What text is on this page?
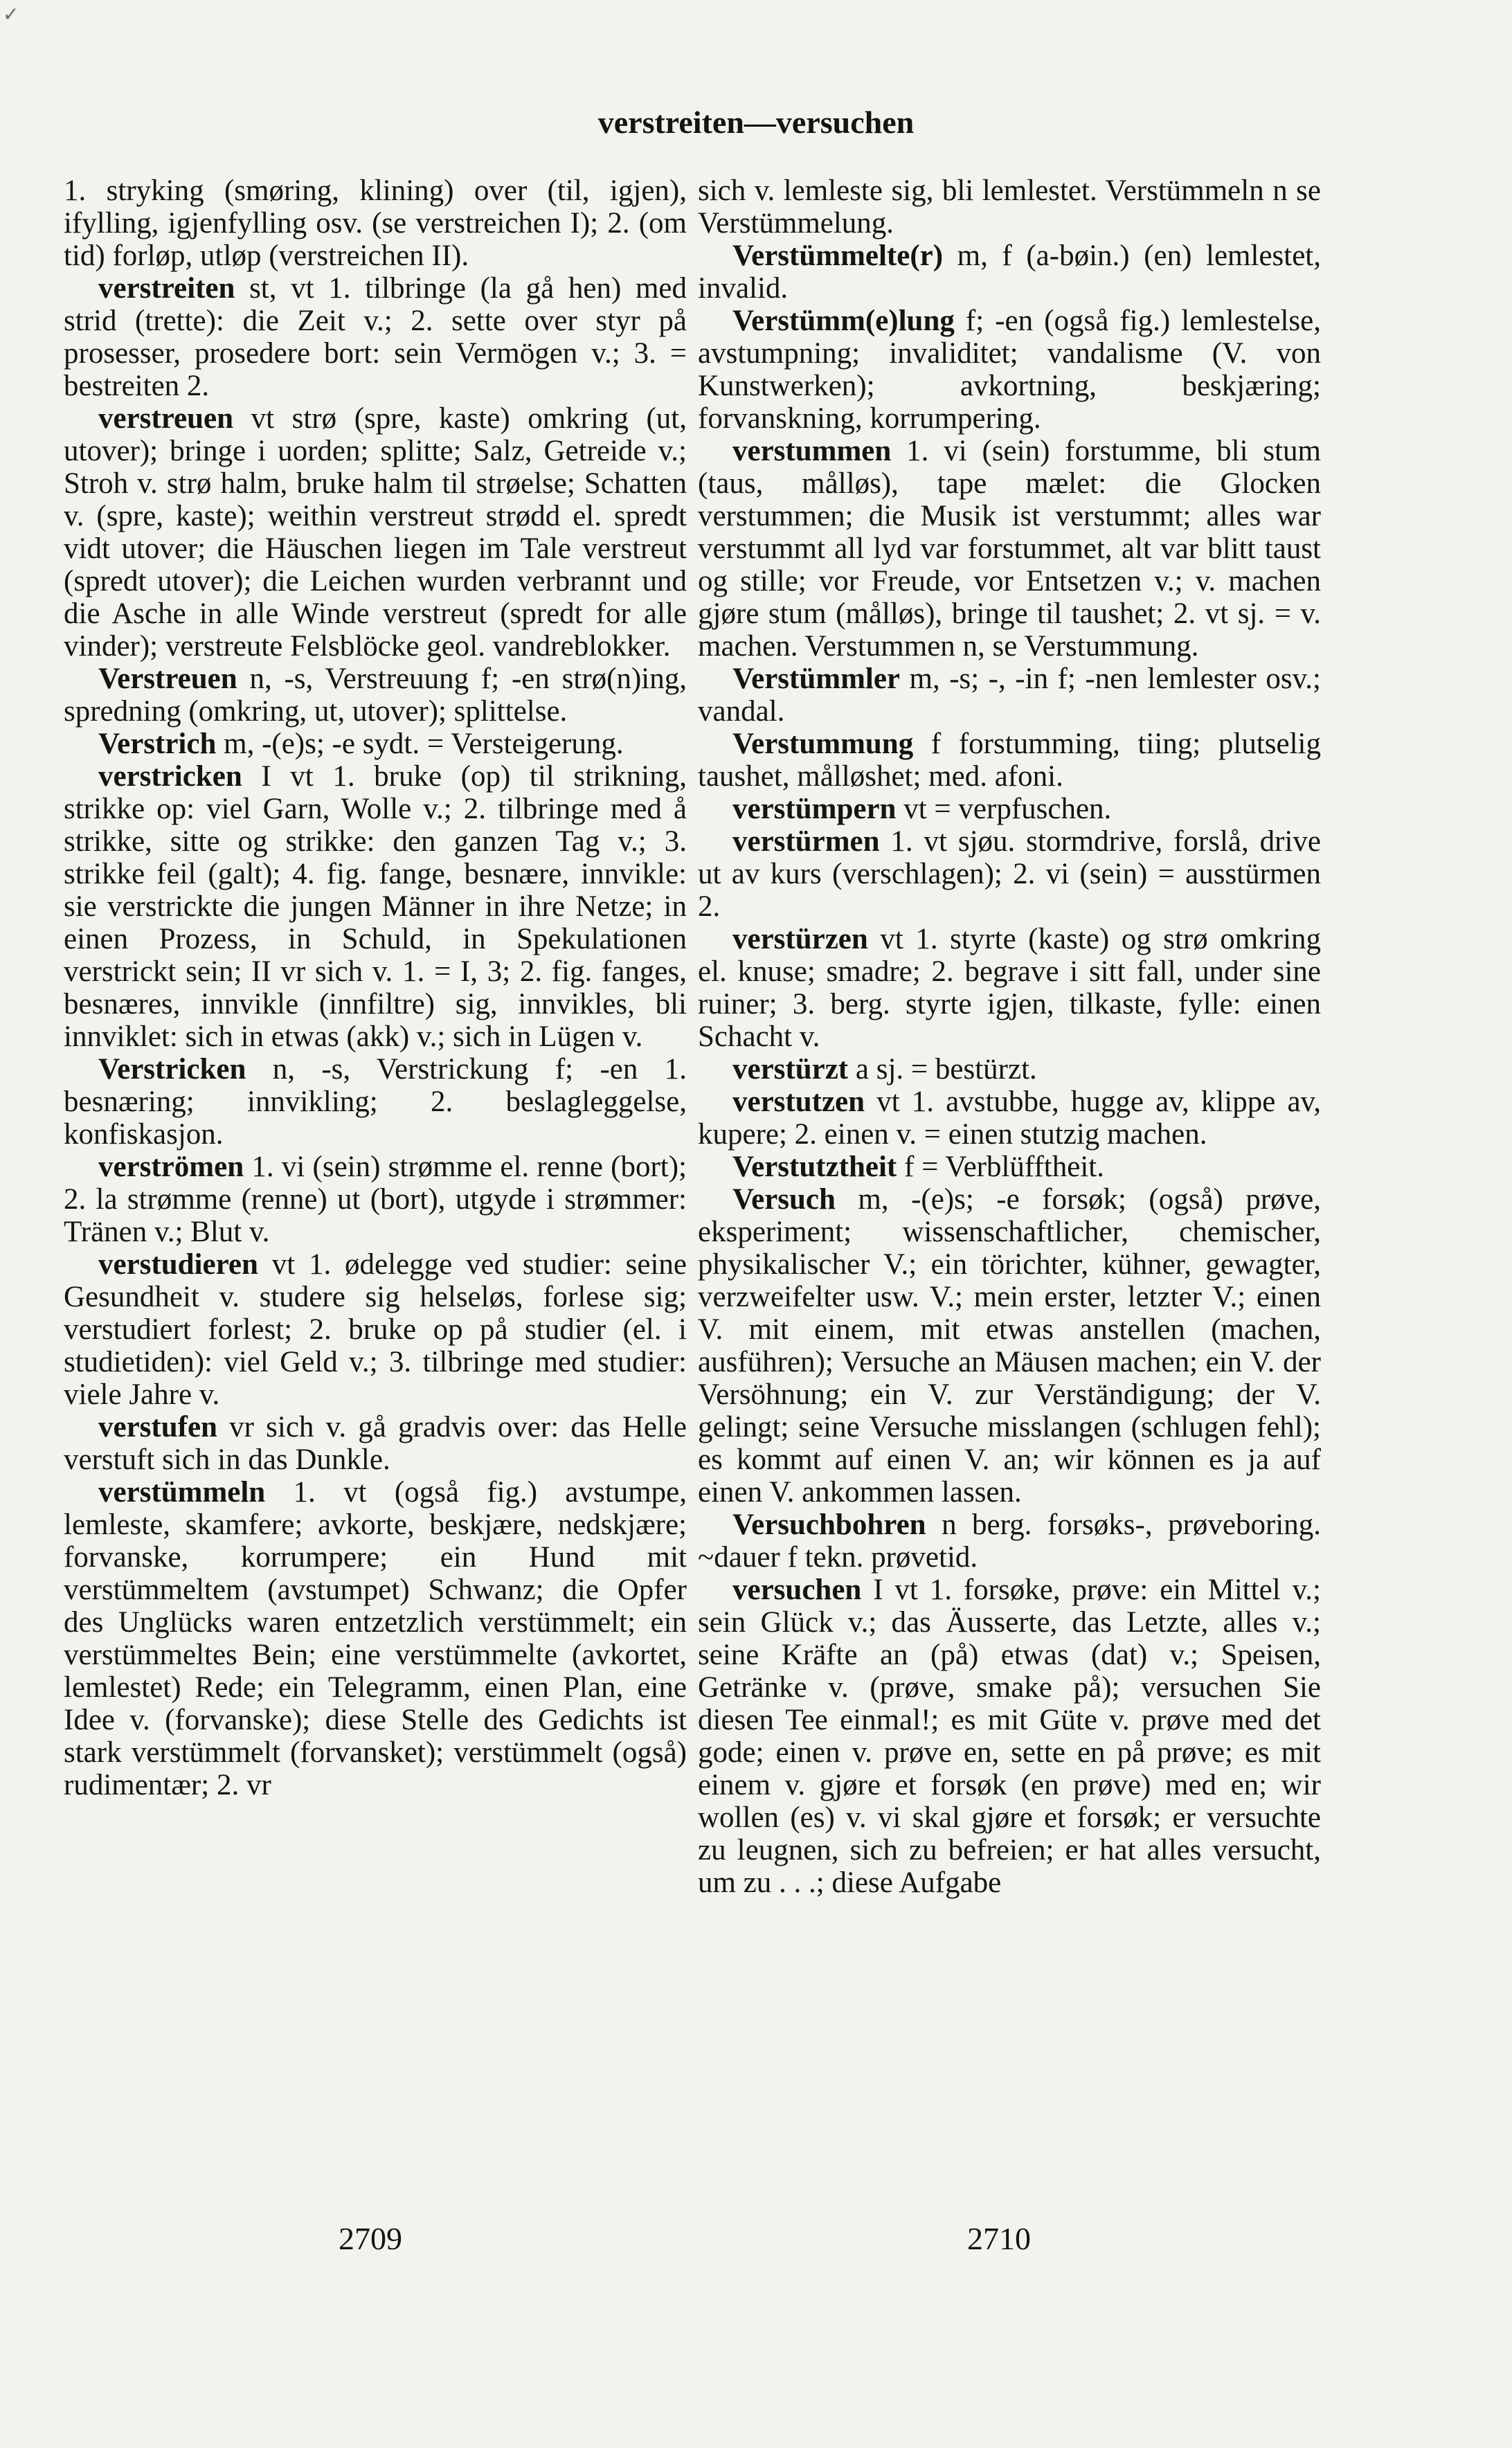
✓
verstreiten—versuchen

1. stryking (smøring, klining) over (til, igjen), ifylling, igjenfylling osv. (se verstreichen I); 2. (om tid) forløp, utløp (verstreichen II).

verstreiten st, vt 1. tilbringe (la gå hen) med strid (trette): die Zeit v.; 2. sette over styr på prosesser, prosedere bort: sein Vermögen v.; 3. = bestreiten 2.

verstreuen vt strø (spre, kaste) omkring (ut, utover); bringe i uorden; splitte; Salz, Getreide v.; Stroh v. strø halm, bruke halm til strøelse; Schatten v. (spre, kaste); weithin verstreut strødd el. spredt vidt utover; die Häuschen liegen im Tale verstreut (spredt utover); die Leichen wurden verbrannt und die Asche in alle Winde verstreut (spredt for alle vinder); verstreute Felsblöcke geol. vandreblokker.

Verstreuen n, -s, Verstreuung f; -en strø(n)ing, spredning (omkring, ut, utover); splittelse.

Verstrich m, -(e)s; -e sydt. = Versteigerung.

verstricken I vt 1. bruke (op) til strikning, strikke op: viel Garn, Wolle v.; 2. tilbringe med å strikke, sitte og strikke: den ganzen Tag v.; 3. strikke feil (galt); 4. fig. fange, besnære, innvikle: sie verstrickte die jungen Männer in ihre Netze; in einen Prozess, in Schuld, in Spekulationen verstrickt sein; II vr sich v. 1. = I, 3; 2. fig. fanges, besnæres, innvikle (innfiltre) sig, innvikles, bli innviklet: sich in etwas (akk) v.; sich in Lügen v.

Verstricken n, -s, Verstrickung f; -en 1. besnæring; innvikling; 2. beslagleggelse, konfiskasjon.

verströmen 1. vi (sein) strømme el. renne (bort); 2. la strømme (renne) ut (bort), utgyde i strømmer: Tränen v.; Blut v.

verstudieren vt 1. ødelegge ved studier: seine Gesundheit v. studere sig helseløs, forlese sig; verstudiert forlest; 2. bruke op på studier (el. i studietiden): viel Geld v.; 3. tilbringe med studier: viele Jahre v.

verstufen vr sich v. gå gradvis over: das Helle verstuft sich in das Dunkle.

verstümmeln 1. vt (også fig.) avstumpe, lemleste, skamfere; avkorte, beskjære, nedskjære; forvanske, korrumpere; ein Hund mit verstümmeltem (avstumpet) Schwanz; die Opfer des Unglücks waren entzetzlich verstümmelt; ein verstümmeltes Bein; eine verstümmelte (avkortet, lemlestet) Rede; ein Telegramm, einen Plan, eine Idee v. (forvanske); diese Stelle des Gedichts ist stark verstümmelt (forvansket); verstümmelt (også) rudimentær; 2. vr

sich v. lemleste sig, bli lemlestet. Verstümmeln n se Verstümmelung.

Verstümmelte(r) m, f (a-bøin.) (en) lemlestet, invalid.

Verstümm(e)lung f; -en (også fig.) lemlestelse, avstumpning; invaliditet; vandalisme (V. von Kunstwerken); avkortning, beskjæring; forvanskning, korrumpering.

verstummen 1. vi (sein) forstumme, bli stum (taus, målløs), tape mælet: die Glocken verstummen; die Musik ist verstummt; alles war verstummt all lyd var forstummet, alt var blitt taust og stille; vor Freude, vor Entsetzen v.; v. machen gjøre stum (målløs), bringe til taushet; 2. vt sj. = v. machen. Verstummen n, se Verstummung.

Verstümmler m, -s; -, -in f; -nen lemlester osv.; vandal.

Verstummung f forstumming, tiing; plutselig taushet, målløshet; med. afoni.

verstümpern vt = verpfuschen.

verstürmen 1. vt sjøu. stormdrive, forslå, drive ut av kurs (verschlagen); 2. vi (sein) = ausstürmen 2.

verstürzen vt 1. styrte (kaste) og strø omkring el. knuse; smadre; 2. begrave i sitt fall, under sine ruiner; 3. berg. styrte igjen, tilkaste, fylle: einen Schacht v.

verstürzt a sj. = bestürzt.

verstutzen vt 1. avstubbe, hugge av, klippe av, kupere; 2. einen v. = einen stutzig machen.

Verstutztheit f = Verblüfftheit.

Versuch m, -(e)s; -e forsøk; (også) prøve, eksperiment; wissenschaftlicher, chemischer, physikalischer V.; ein törichter, kühner, gewagter, verzweifelter usw. V.; mein erster, letzter V.; einen V. mit einem, mit etwas anstellen (machen, ausführen); Versuche an Mäusen machen; ein V. der Versöhnung; ein V. zur Verständigung; der V. gelingt; seine Versuche misslangen (schlugen fehl); es kommt auf einen V. an; wir können es ja auf einen V. ankommen lassen.

Versuchbohren n berg. forsøks-, prøveboring. ~dauer f tekn. prøvetid.

versuchen I vt 1. forsøke, prøve: ein Mittel v.; sein Glück v.; das Äusserte, das Letzte, alles v.; seine Kräfte an (på) etwas (dat) v.; Speisen, Getränke v. (prøve, smake på); versuchen Sie diesen Tee einmal!; es mit Güte v. prøve med det gode; einen v. prøve en, sette en på prøve; es mit einem v. gjøre et forsøk (en prøve) med en; wir wollen (es) v. vi skal gjøre et forsøk; er versuchte zu leugnen, sich zu befreien; er hat alles versucht, um zu . . .; diese Aufgabe

2709	2710
